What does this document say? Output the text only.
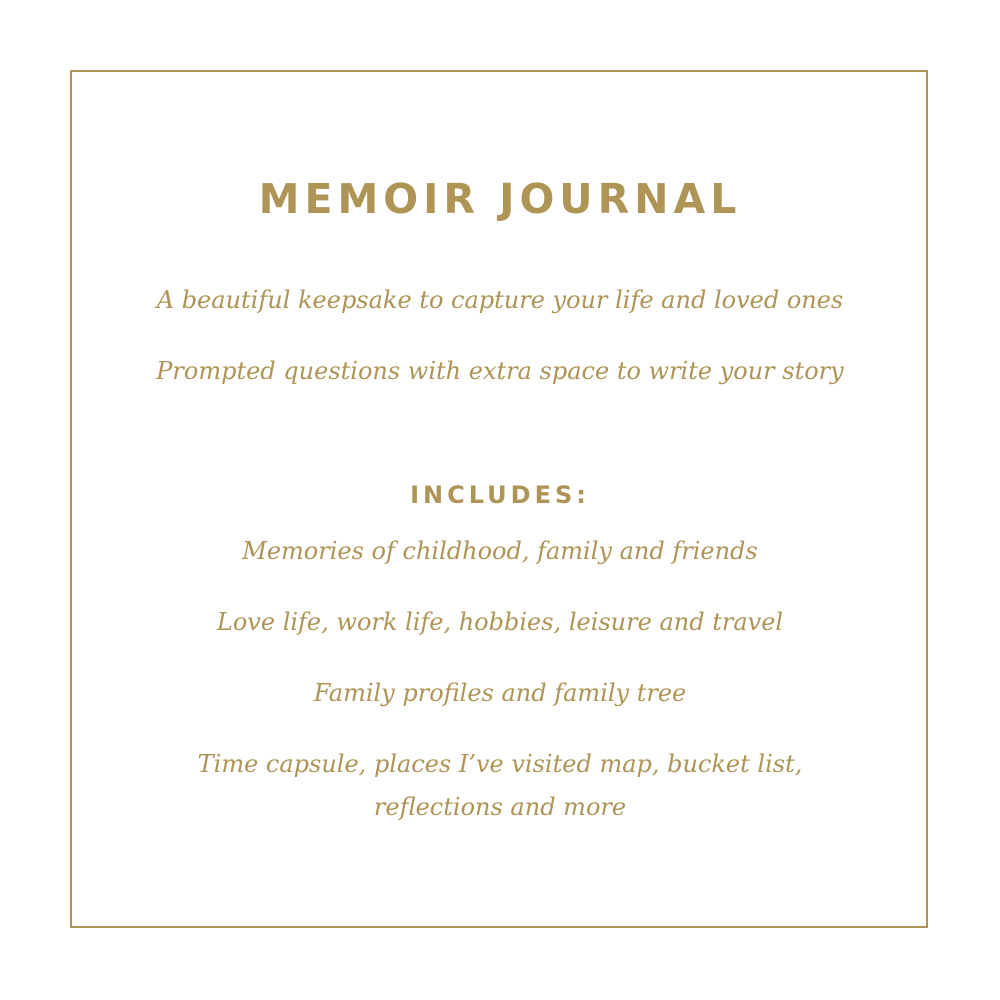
MEMOIR JOURNAL

A beautiful keepsake to capture your life and loved ones

Prompted questions with extra space to write your story

INCLUDES:

Memories of childhood, family and friends

Love life, work life, hobbies, leisure and travel

Family profiles and family tree

Time capsule, places I’ve visited map, bucket list,

reflections and more
